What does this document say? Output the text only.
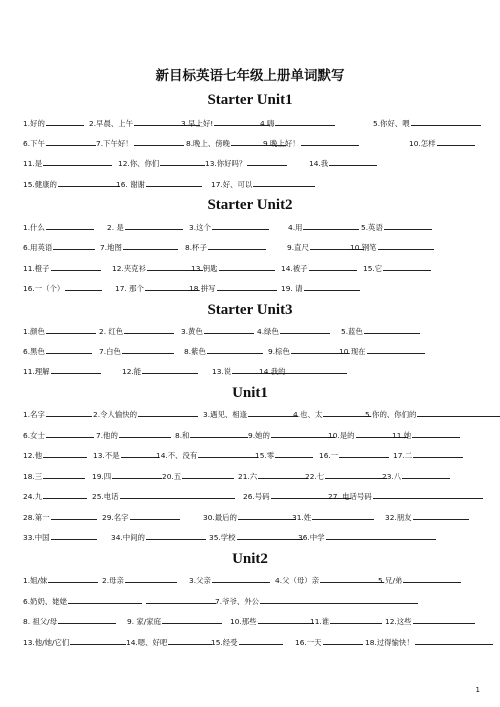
新目标英语七年级上册单词默写
Starter Unit1
1.好的	2.早晨、上午	3.早上好!	4.嗨	5.你好、喂
6.下午	7.下午好！	8.晚上、傍晚	9.晚上好！	10.怎样
11.是	12.你、你们	13.你好吗？	14.我
15.健康的	16. 谢谢	17.好、可以
Starter Unit2
1.什么	2. 是	3.这个	4.用	5.英语
6.用英语	7.地图	8.杯子	9.直尺	10.钢笔
11.橙子	12.夹克衫	13.钥匙	14.被子	15.它
16.一（个）	17. 那个	18.拼写	19. 请
Starter Unit3
1.颜色	2. 红色	3.黄色	4.绿色	5.蓝色
6.黑色	7.白色	8.紫色	9.棕色	10.现在
11.理解	12.能	13.说	14.我的
Unit1
1.名字	2.令人愉快的	3.遇见、相逢	4.也、太	5.你的、你们的
6.女士	7.他的	8.和	9.她的	10.是的	11.她
12.他	13.不是	14.不、没有	15.零	16.一	17.二
18.三	19.四	20.五	21.六	22.七	23.八
24.九	25.电话	26.号码	27. 电话号码
28.第一	29.名字	30.最后的	31.姓	32.朋友
33.中国	34.中间的	35.学校	36.中学
Unit2
1.姐/妹	2.母亲	3.父亲	4.父（母）亲	5.兄/弟
6.奶奶、姥姥	7.爷爷、外公
8. 祖父/母	9. 家/家庭	10.那些	11.谁	12.这些
13.他/她/它们	14.嗯、好吧	15.经受	16.一天	18.过得愉快！
1
